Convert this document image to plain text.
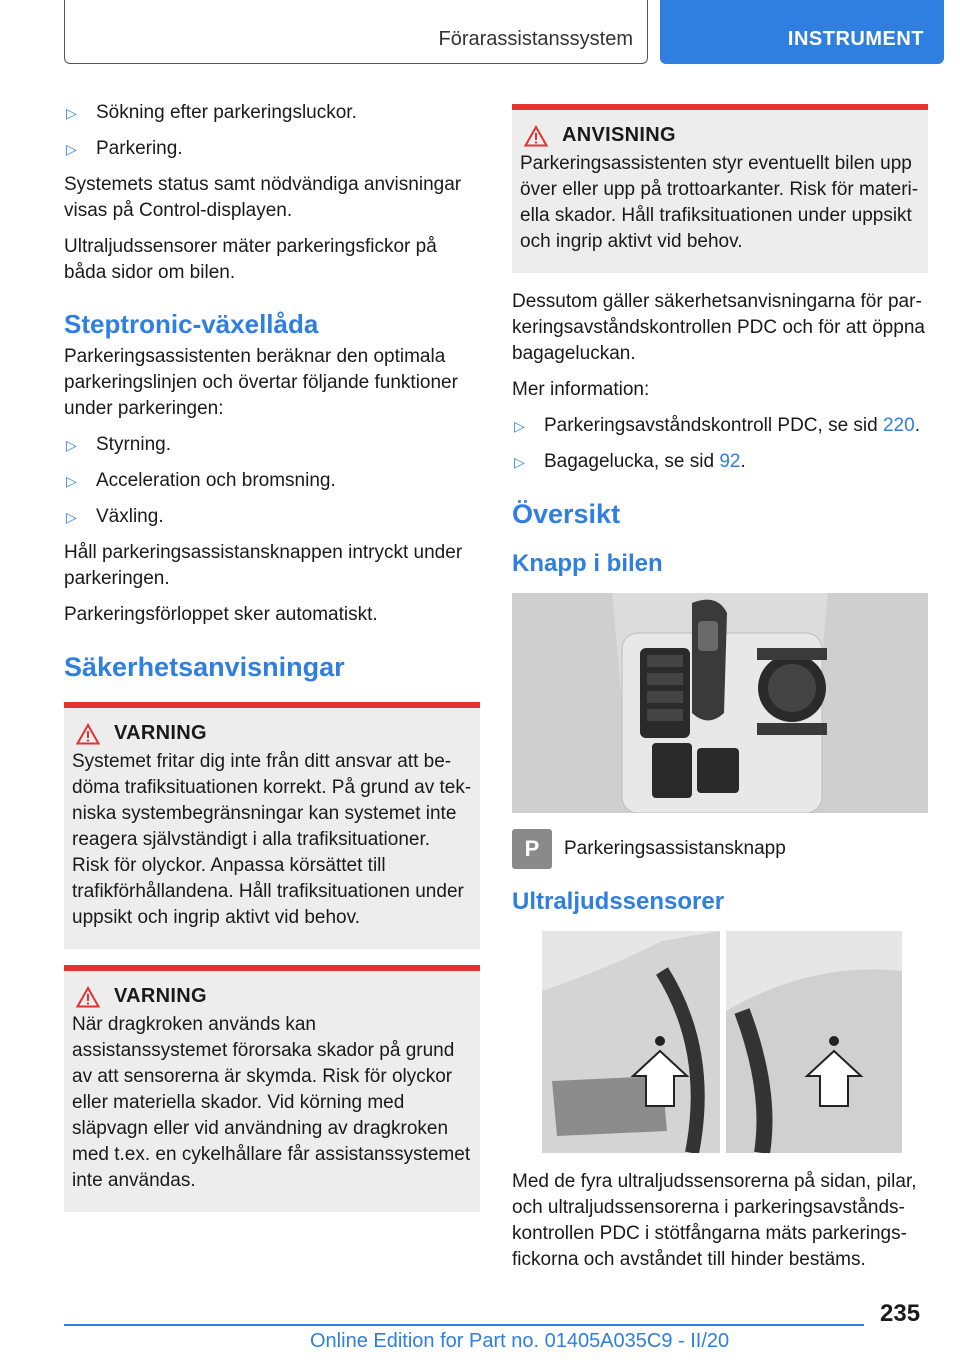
Förarassistanssystem	INSTRUMENT
▷	Sökning efter parkeringsluckor.
▷	Parkering.

Systemets status samt nödvändiga anvisningar visas på Control-displayen.

Ultraljudssensorer mäter parkeringsfickor på båda sidor om bilen.

Steptronic-växellåda

Parkeringsassistenten beräknar den optimala parkeringslinjen och övertar följande funktioner under parkeringen:

▷	Styrning.
▷	Acceleration och bromsning.
▷	Växling.

Håll parkeringsassistansknappen intryckt under parkeringen.

Parkeringsförloppet sker automatiskt.

Säkerhetsanvisningar
VARNING

Systemet fritar dig inte från ditt ansvar att bedöma trafiksituationen korrekt. På grund av tekniska systembegränsningar kan systemet inte reagera självständigt i alla trafiksituationer. Risk för olyckor. Anpassa körsättet till trafikförhållandena. Håll trafiksituationen under uppsikt och ingrip aktivt vid behov.

VARNING

När dragkroken används kan assistanssystemet förorsaka skador på grund av att sensorerna är skymda. Risk för olyckor eller materiella skador. Vid körning med släpvagn eller vid användning av dragkroken med t.ex. en cykelhållare får assistanssystemet inte användas.

ANVISNING

Parkeringsassistenten styr eventuellt bilen upp över eller upp på trottoarkanter. Risk för materiella skador. Håll trafiksituationen under uppsikt och ingrip aktivt vid behov.

Dessutom gäller säkerhetsanvisningarna för parkeringsavståndskontrollen PDC och för att öppna bagageluckan.

Mer information:

▷	Parkeringsavståndskontroll PDC, se sid 220.
▷	Bagagelucka, se sid 92.
Översikt
Knapp i bilen
P	Parkeringsassistansknapp
Ultraljudssensorer

Med de fyra ultraljudssensorerna på sidan, pilar, och ultraljudssensorerna i parkeringsavståndskontrollen PDC i stötfångarna mäts parkeringsfickorna och avståndet till hinder bestäms.

235
Online Edition for Part no. 01405A035C9 - II/20
